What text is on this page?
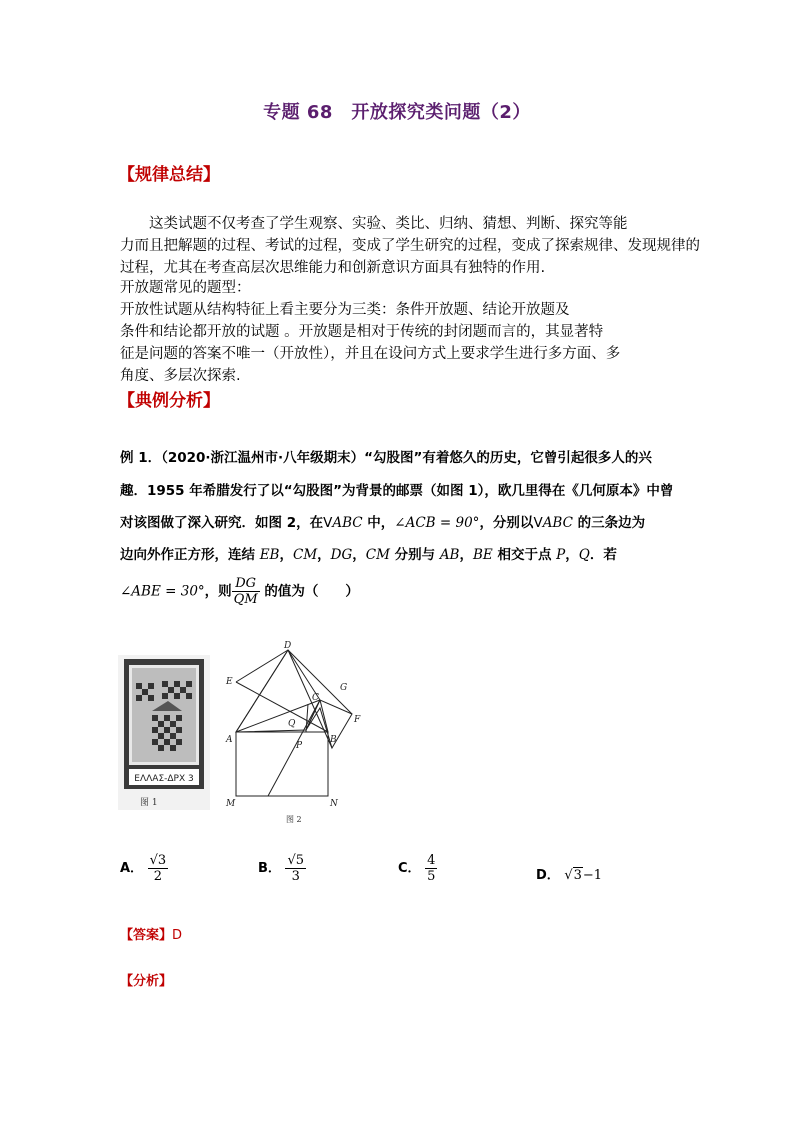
专题 68　开放探究类问题（2）
【规律总结】
　　这类试题不仅考查了学生观察、实验、类比、归纳、猜想、判断、探究等能
力而且把解题的过程、考试的过程，变成了学生研究的过程，变成了探索规律、发现规律的
过程，尤其在考查高层次思维能力和创新意识方面具有独特的作用.
开放题常见的题型：
开放性试题从结构特征上看主要分为三类：条件开放题、结论开放题及
条件和结论都开放的试题 。开放题是相对于传统的封闭题而言的，其显著特
征是问题的答案不唯一（开放性），并且在设问方式上要求学生进行多方面、多
角度、多层次探索.
【典例分析】
例 1．（2020·浙江温州市·八年级期末）“勾股图”有着悠久的历史，它曾引起很多人的兴
趣．1955 年希腊发行了以“勾股图”为背景的邮票（如图 1），欧几里得在《几何原本》中曾
对该图做了深入研究．如图 2，在VABC 中，∠ACB = 90°，分别以VABC 的三条边为
边向外作正方形，连结 EB，CM，DG，CM 分别与 AB，BE 相交于点 P，Q．若
∠ABE = 30°，则 $\frac{DG}{QM}$ 的值为（　　）
ΕΛΛΑΣ-ΔΡΧ 3
图 1
D
E
G
C
F
Q
A
P
B
M	N
图 2
A． $\frac{√3}{2}$	B． $\frac{√5}{3}$	C． $\frac{4}{5}$	D． √3−1
【答案】D
【分析】
